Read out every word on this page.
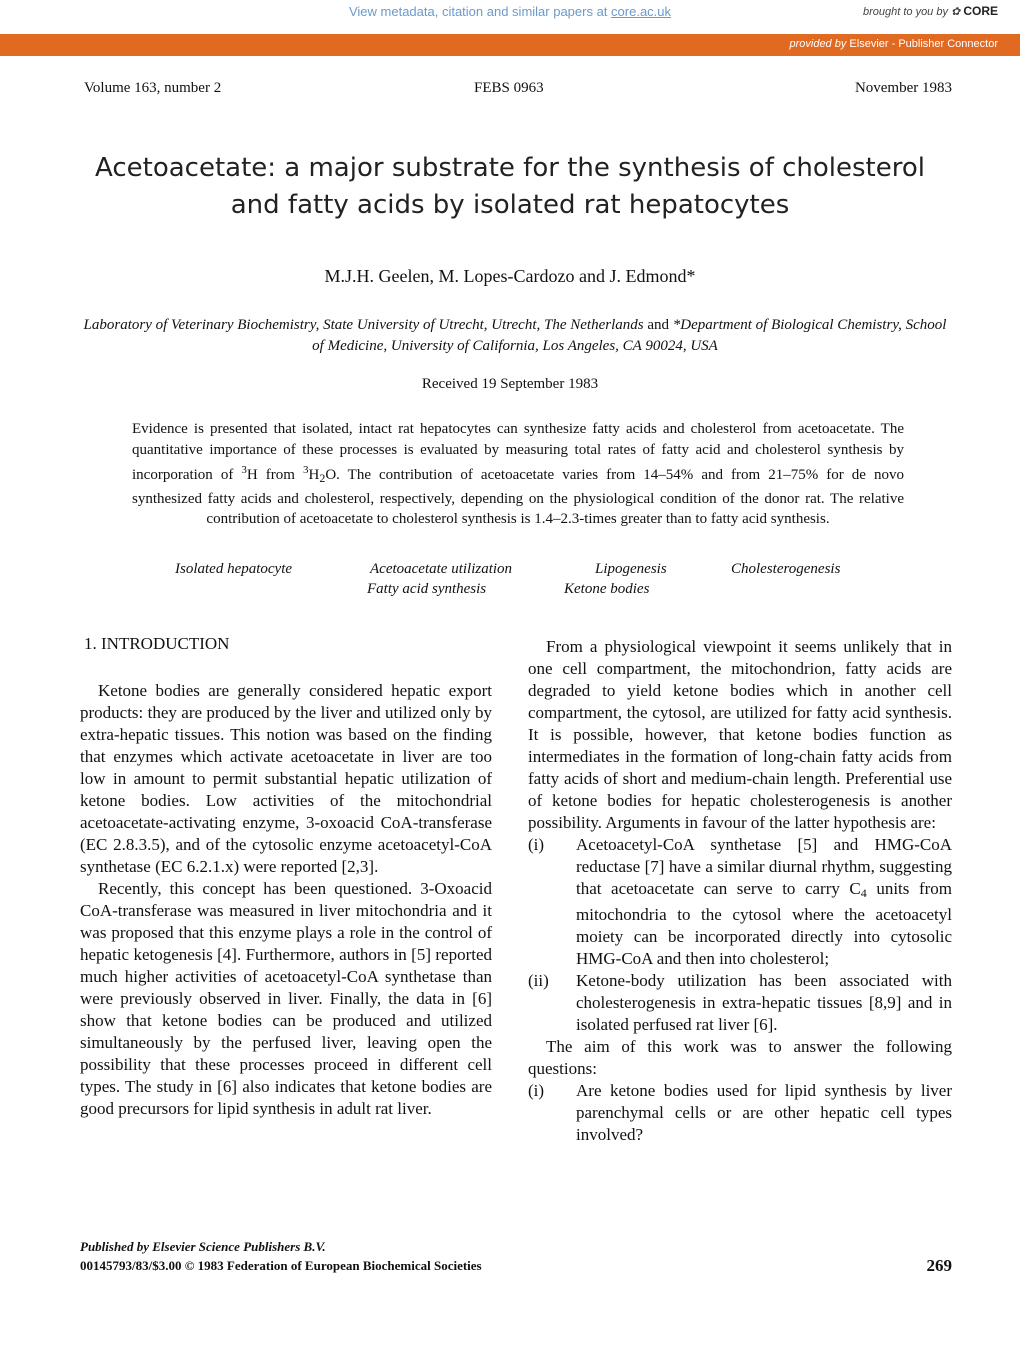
View metadata, citation and similar papers at core.ac.uk	brought to you by ✿ CORE
provided by Elsevier - Publisher Connector
Volume 163, number 2	FEBS 0963	November 1983
Acetoacetate: a major substrate for the synthesis of cholesterol
and fatty acids by isolated rat hepatocytes
M.J.H. Geelen, M. Lopes-Cardozo and J. Edmond*
Laboratory of Veterinary Biochemistry, State University of Utrecht, Utrecht, The Netherlands and *Department of Biological Chemistry, School of Medicine, University of California, Los Angeles, CA 90024, USA
Received 19 September 1983
Evidence is presented that isolated, intact rat hepatocytes can synthesize fatty acids and cholesterol from acetoacetate. The quantitative importance of these processes is evaluated by measuring total rates of fatty acid and cholesterol synthesis by incorporation of $^3$H from $^3H_2O$. The contribution of acetoacetate varies from 14–54% and from 21–75% for de novo synthesized fatty acids and cholesterol, respectively, depending on the physiological condition of the donor rat. The relative contribution of acetoacetate to cholesterol synthesis is 1.4–2.3-times greater than to fatty acid synthesis.
Isolated hepatocyte	Acetoacetate utilization	Lipogenesis	Cholesterogenesis
Fatty acid synthesis	Ketone bodies
1. INTRODUCTION

Ketone bodies are generally considered hepatic export products: they are produced by the liver and utilized only by extra-hepatic tissues. This notion was based on the finding that enzymes which activate acetoacetate in liver are too low in amount to permit substantial hepatic utilization of ketone bodies. Low activities of the mitochondrial acetoacetate-activating enzyme, 3-oxoacid CoA-transferase (EC 2.8.3.5), and of the cytosolic enzyme acetoacetyl-CoA synthetase (EC 6.2.1.x) were reported [2,3].

Recently, this concept has been questioned. 3-Oxoacid CoA-transferase was measured in liver mitochondria and it was proposed that this enzyme plays a role in the control of hepatic ketogenesis [4]. Furthermore, authors in [5] reported much higher activities of acetoacetyl-CoA synthetase than were previously observed in liver. Finally, the data in [6] show that ketone bodies can be produced and utilized simultaneously by the perfused liver, leaving open the possibility that these processes proceed in different cell types. The study in [6] also indicates that ketone bodies are good precursors for lipid synthesis in adult rat liver.

From a physiological viewpoint it seems unlikely that in one cell compartment, the mitochondrion, fatty acids are degraded to yield ketone bodies which in another cell compartment, the cytosol, are utilized for fatty acid synthesis. It is possible, however, that ketone bodies function as intermediates in the formation of long-chain fatty acids from fatty acids of short and medium-chain length. Preferential use of ketone bodies for hepatic cholesterogenesis is another possibility. Arguments in favour of the latter hypothesis are:

(i)	Acetoacetyl-CoA synthetase [5] and HMG-CoA reductase [7] have a similar diurnal rhythm, suggesting that acetoacetate can serve to carry $C_4$ units from mitochondria to the cytosol where the acetoacetyl moiety can be incorporated directly into cytosolic HMG-CoA and then into cholesterol;
(ii)	Ketone-body utilization has been associated with cholesterogenesis in extra-hepatic tissues [8,9] and in isolated perfused rat liver [6].

The aim of this work was to answer the following questions:

(i)	Are ketone bodies used for lipid synthesis by liver parenchymal cells or are other hepatic cell types involved?
Published by Elsevier Science Publishers B.V.
00145793/83/$3.00 © 1983 Federation of European Biochemical Societies	269
